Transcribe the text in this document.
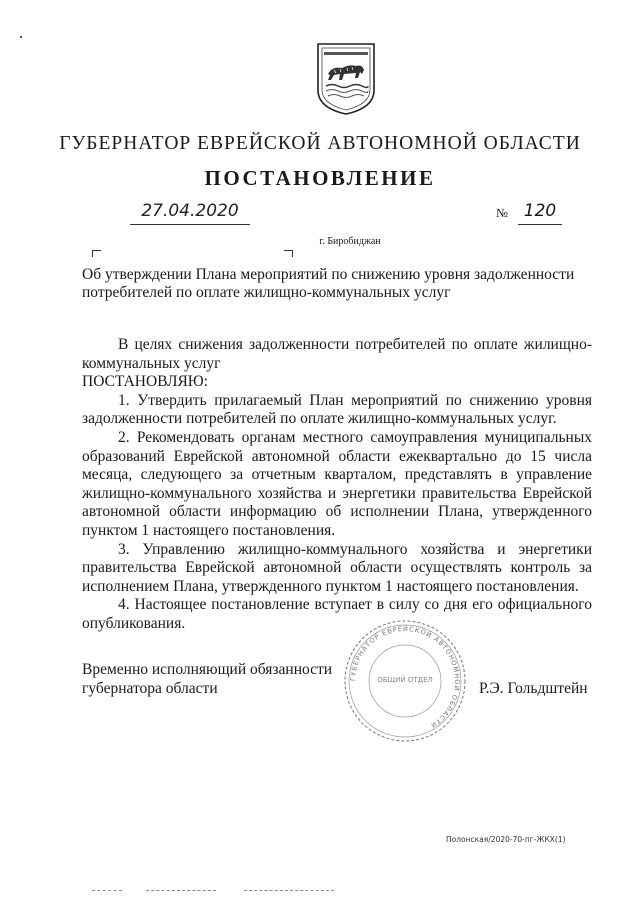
ГУБЕРНАТОР ЕВРЕЙСКОЙ АВТОНОМНОЙ ОБЛАСТИ
ПОСТАНОВЛЕНИЕ
27.04.2020	№ 120
г. Биробиджан
Об утверждении Плана мероприятий по снижению уровня задолженности потребителей по оплате жилищно-коммунальных услуг

В целях снижения задолженности потребителей по оплате жилищно-коммунальных услуг

ПОСТАНОВЛЯЮ:

1. Утвердить прилагаемый План мероприятий по снижению уровня задолженности потребителей по оплате жилищно-коммунальных услуг.

2. Рекомендовать органам местного самоуправления муниципальных образований Еврейской автономной области ежеквартально до 15 числа месяца, следующего за отчетным кварталом, представлять в управление жилищно-коммунального хозяйства и энергетики правительства Еврейской автономной области информацию об исполнении Плана, утвержденного пунктом 1 настоящего постановления.

3. Управлению жилищно-коммунального хозяйства и энергетики правительства Еврейской автономной области осуществлять контроль за исполнением Плана, утвержденного пунктом 1 настоящего постановления.

4. Настоящее постановление вступает в силу со дня его официального опубликования.

ГУБЕРНАТОР ЕВРЕЙСКОЙ АВТОНОМНОЙ ОБЛАСТИ
ОБЩИЙ ОТДЕЛ
Временно исполняющий обязанности
губернатора области	Р.Э. Гольдштейн
Полонская/2020-70-пг-ЖКХ(1)
